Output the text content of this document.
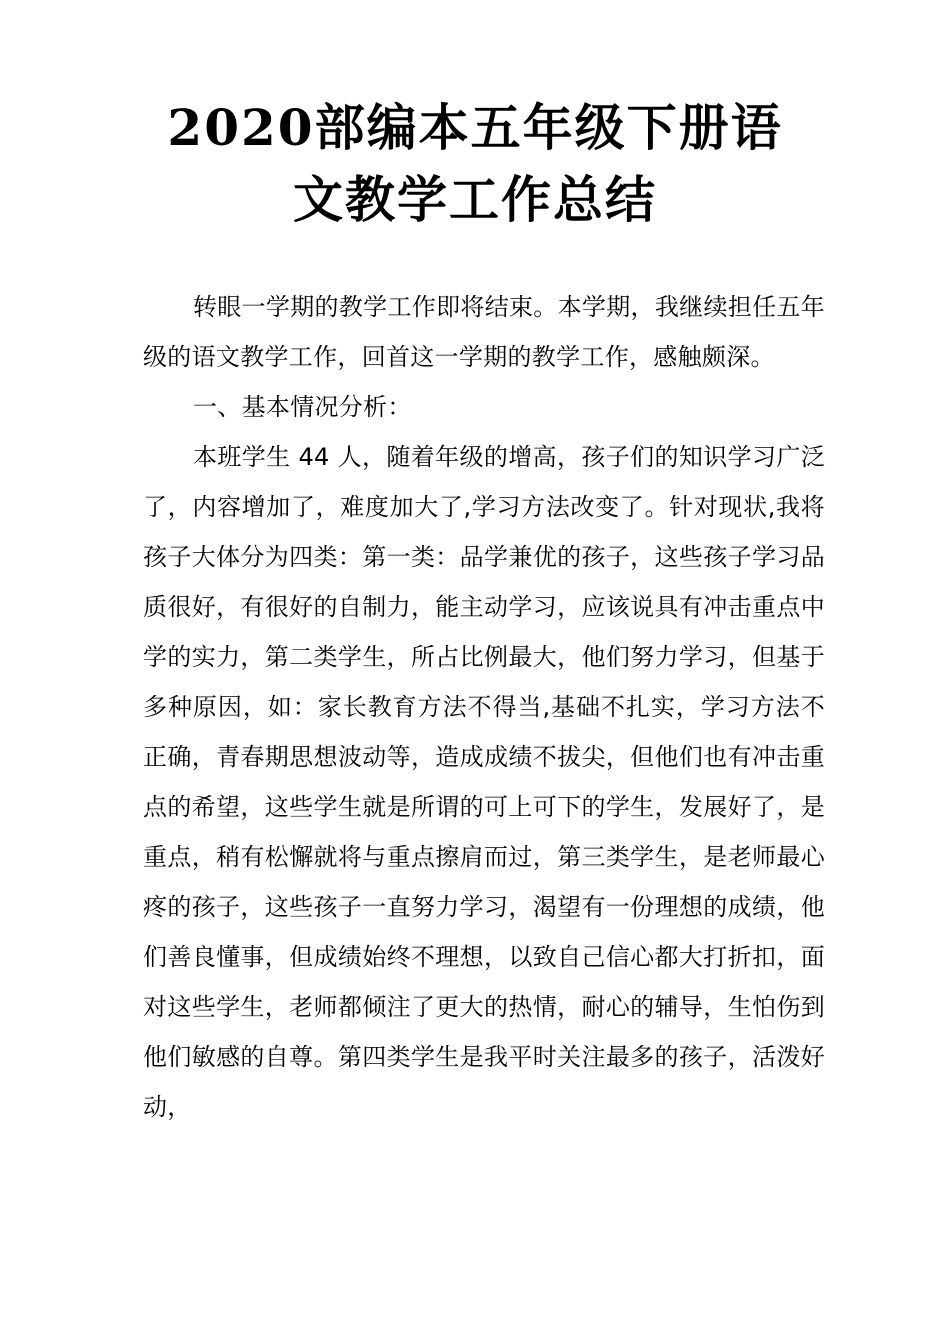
2020部编本五年级下册语
文教学工作总结

转眼一学期的教学工作即将结束。本学期，我继续担任五年级的语文教学工作，回首这一学期的教学工作，感触颇深。

一、基本情况分析：

本班学生 44 人，随着年级的增高，孩子们的知识学习广泛了，内容增加了，难度加大了,学习方法改变了。针对现状,我将孩子大体分为四类：第一类：品学兼优的孩子，这些孩子学习品质很好，有很好的自制力，能主动学习，应该说具有冲击重点中学的实力，第二类学生，所占比例最大，他们努力学习，但基于多种原因，如：家长教育方法不得当,基础不扎实，学习方法不正确，青春期思想波动等，造成成绩不拔尖，但他们也有冲击重点的希望，这些学生就是所谓的可上可下的学生，发展好了，是重点，稍有松懈就将与重点擦肩而过，第三类学生，是老师最心疼的孩子，这些孩子一直努力学习，渴望有一份理想的成绩，他们善良懂事，但成绩始终不理想，以致自己信心都大打折扣，面对这些学生，老师都倾注了更大的热情，耐心的辅导，生怕伤到他们敏感的自尊。第四类学生是我平时关注最多的孩子，活泼好动，
